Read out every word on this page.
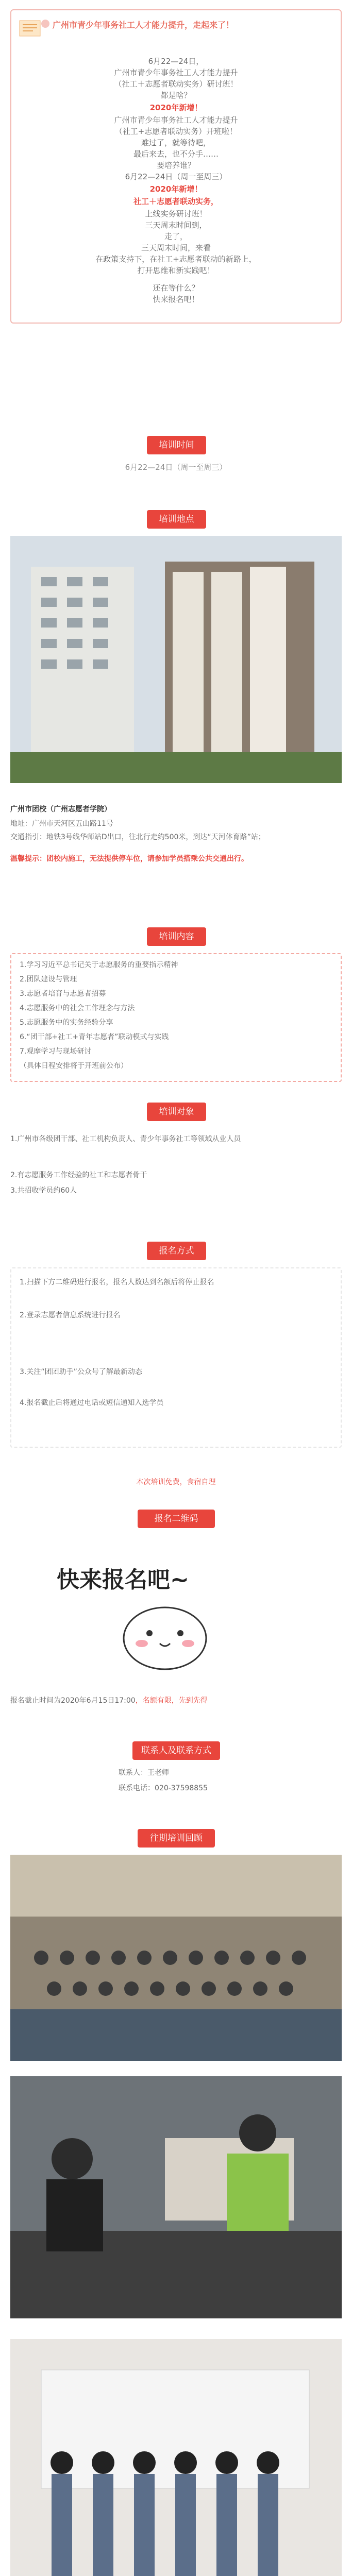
广州市青少年事务社工人才能力提升，走起来了！
6月22—24日，
广州市青少年事务社工人才能力提升
（社工＋志愿者联动实务）研讨班！
都是啥？
2020年新增！
广州市青少年事务社工人才能力提升
（社工+志愿者联动实务）开班啦！
难过了，就等待吧，
最后来去，也不分手……
要培养谁？
6月22—24日（周一至周三）
2020年新增！
社工＋志愿者联动实务，
上线实务研讨班！
三天周末时间到，
走了，
三天周末时间，来看
在政策支持下，在社工+志愿者联动的新路上，
打开思维和新实践吧！
还在等什么？
快来报名吧！
培训时间
6月22—24日（周一至周三）
培训地点
广州市团校（广州志愿者学院）
地址：广州市天河区五山路11号
交通指引：地铁3号线华师站D出口，往北行走约500米，到达“天河体育路”站；
温馨提示：团校内施工，无法提供停车位，请参加学员搭乘公共交通出行。
培训内容
1.学习习近平总书记关于志愿服务的重要指示精神
2.团队建设与管理
3.志愿者培育与志愿者招募
4.志愿服务中的社会工作理念与方法
5.志愿服务中的实务经验分享
6.“团干部+社工+青年志愿者”联动模式与实践
7.观摩学习与现场研讨
（具体日程安排将于开班前公布）
培训对象
1.广州市各级团干部、社工机构负责人、青少年事务社工等领域从业人员
2.有志愿服务工作经验的社工和志愿者骨干
3.共招收学员约60人
报名方式
1.扫描下方二维码进行报名，报名人数达到名额后将停止报名
2.登录志愿者信息系统进行报名
3.关注“团团助手”公众号了解最新动态
4.报名截止后将通过电话或短信通知入选学员
本次培训免费，食宿自理
报名二维码
快来报名吧~
报名截止时间为2020年6月15日17:00，名额有限，先到先得
联系人及联系方式
联系人：王老师
联系电话：020-37598855
往期培训回顾
